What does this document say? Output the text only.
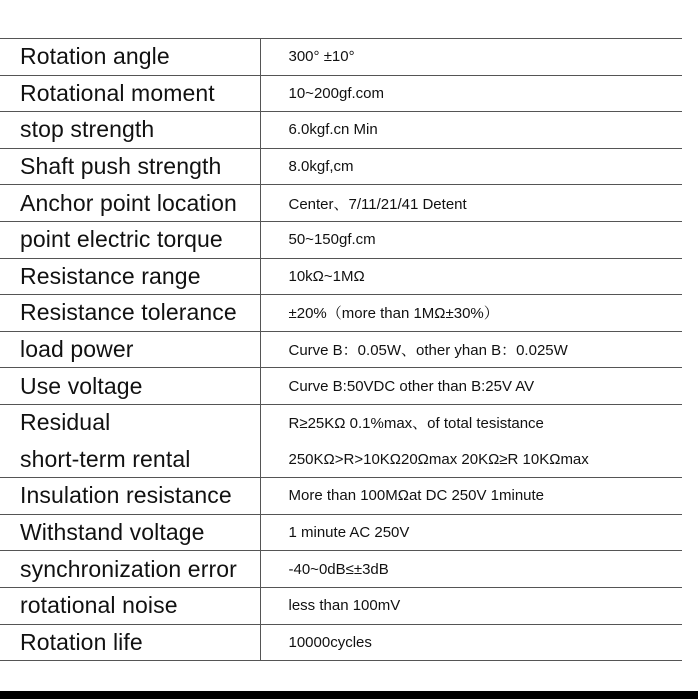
Rotation angle	300° ±10°
Rotational moment	10~200gf.com
stop strength	6.0kgf.cn Min
Shaft push strength	8.0kgf,cm
Anchor point location	Center、7/11/21/41 Detent
point electric torque	50~150gf.cm
Resistance range	10kΩ~1MΩ
Resistance tolerance	±20%（more than 1MΩ±30%）
load power	Curve B：0.05W、other yhan B：0.025W
Use voltage	Curve B:50VDC other than B:25V AV
Residual	R≥25KΩ 0.1%max、of total tesistance
short-term rental	250KΩ>R>10KΩ20Ωmax 20KΩ≥R 10KΩmax
Insulation resistance	More than 100MΩat DC 250V 1minute
Withstand voltage	1 minute AC 250V
synchronization error	-40~0dB≤±3dB
rotational noise	less than 100mV
Rotation life	10000cycles
